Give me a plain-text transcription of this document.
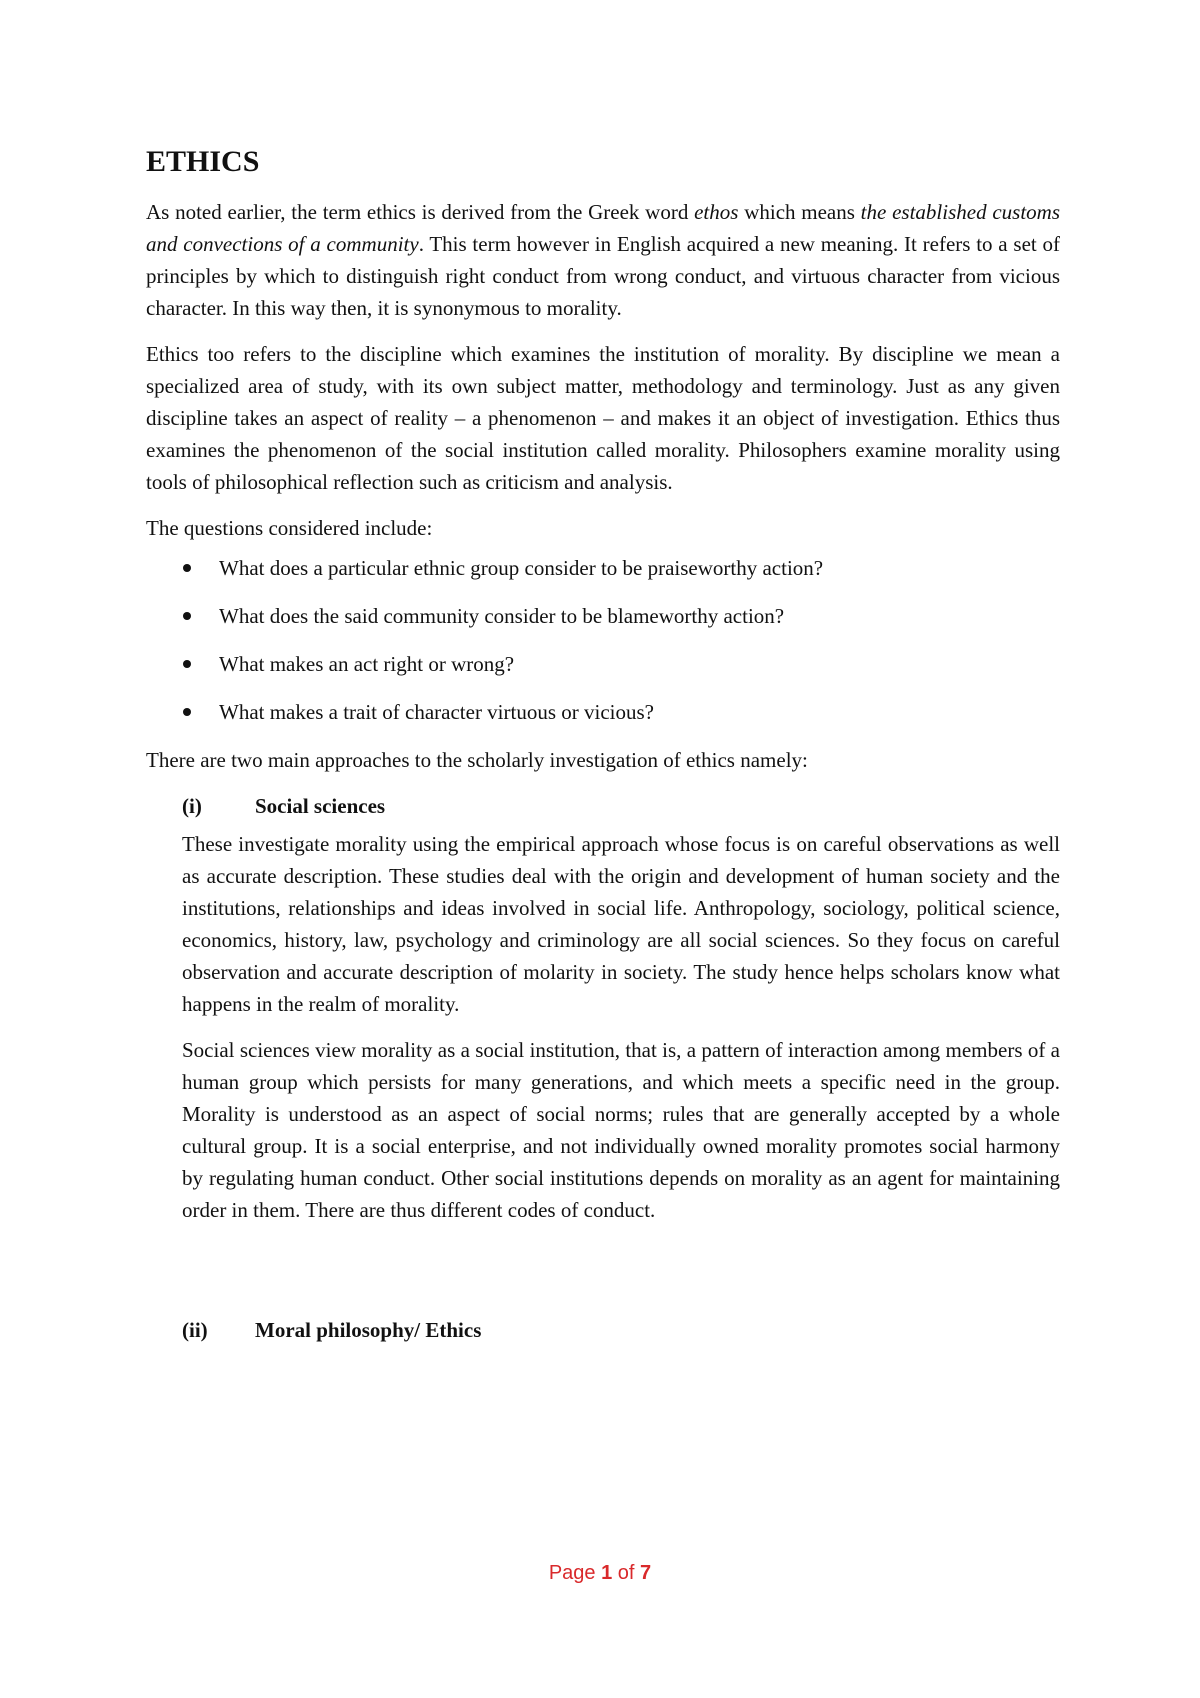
ETHICS

As noted earlier, the term ethics is derived from the Greek word ethos which means the established customs and convections of a community. This term however in English acquired a new meaning. It refers to a set of principles by which to distinguish right conduct from wrong conduct, and virtuous character from vicious character. In this way then, it is synonymous to morality.

Ethics too refers to the discipline which examines the institution of morality. By discipline we mean a specialized area of study, with its own subject matter, methodology and terminology. Just as any given discipline takes an aspect of reality – a phenomenon – and makes it an object of investigation. Ethics thus examines the phenomenon of the social institution called morality. Philosophers examine morality using tools of philosophical reflection such as criticism and analysis.

The questions considered include:

What does a particular ethnic group consider to be praiseworthy action?
What does the said community consider to be blameworthy action?
What makes an act right or wrong?
What makes a trait of character virtuous or vicious?

There are two main approaches to the scholarly investigation of ethics namely:

(i)	Social sciences

These investigate morality using the empirical approach whose focus is on careful observations as well as accurate description. These studies deal with the origin and development of human society and the institutions, relationships and ideas involved in social life. Anthropology, sociology, political science, economics, history, law, psychology and criminology are all social sciences. So they focus on careful observation and accurate description of molarity in society. The study hence helps scholars know what happens in the realm of morality.

Social sciences view morality as a social institution, that is, a pattern of interaction among members of a human group which persists for many generations, and which meets a specific need in the group. Morality is understood as an aspect of social norms; rules that are generally accepted by a whole cultural group. It is a social enterprise, and not individually owned morality promotes social harmony by regulating human conduct. Other social institutions depends on morality as an agent for maintaining order in them. There are thus different codes of conduct.

(ii)	Moral philosophy/ Ethics
Page 1 of 7
